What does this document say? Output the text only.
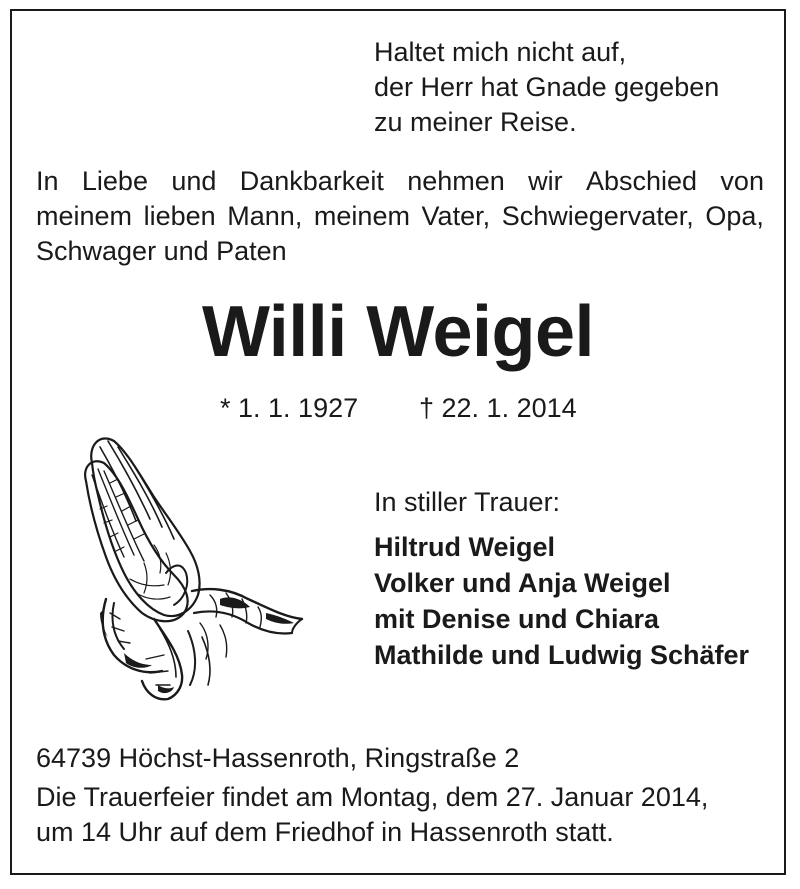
Haltet mich nicht auf,
der Herr hat Gnade gegeben
zu meiner Reise.
In Liebe und Dankbarkeit nehmen wir Abschied von
meinem lieben Mann, meinem Vater, Schwiegervater, Opa,
Schwager und Paten
Willi Weigel
* 1. 1. 1927 † 22. 1. 2014
In stiller Trauer:
Hiltrud Weigel
Volker und Anja Weigel
mit Denise und Chiara
Mathilde und Ludwig Schäfer
64739 Höchst-Hassenroth, Ringstraße 2
Die Trauerfeier findet am Montag, dem 27. Januar 2014,
um 14 Uhr auf dem Friedhof in Hassenroth statt.
